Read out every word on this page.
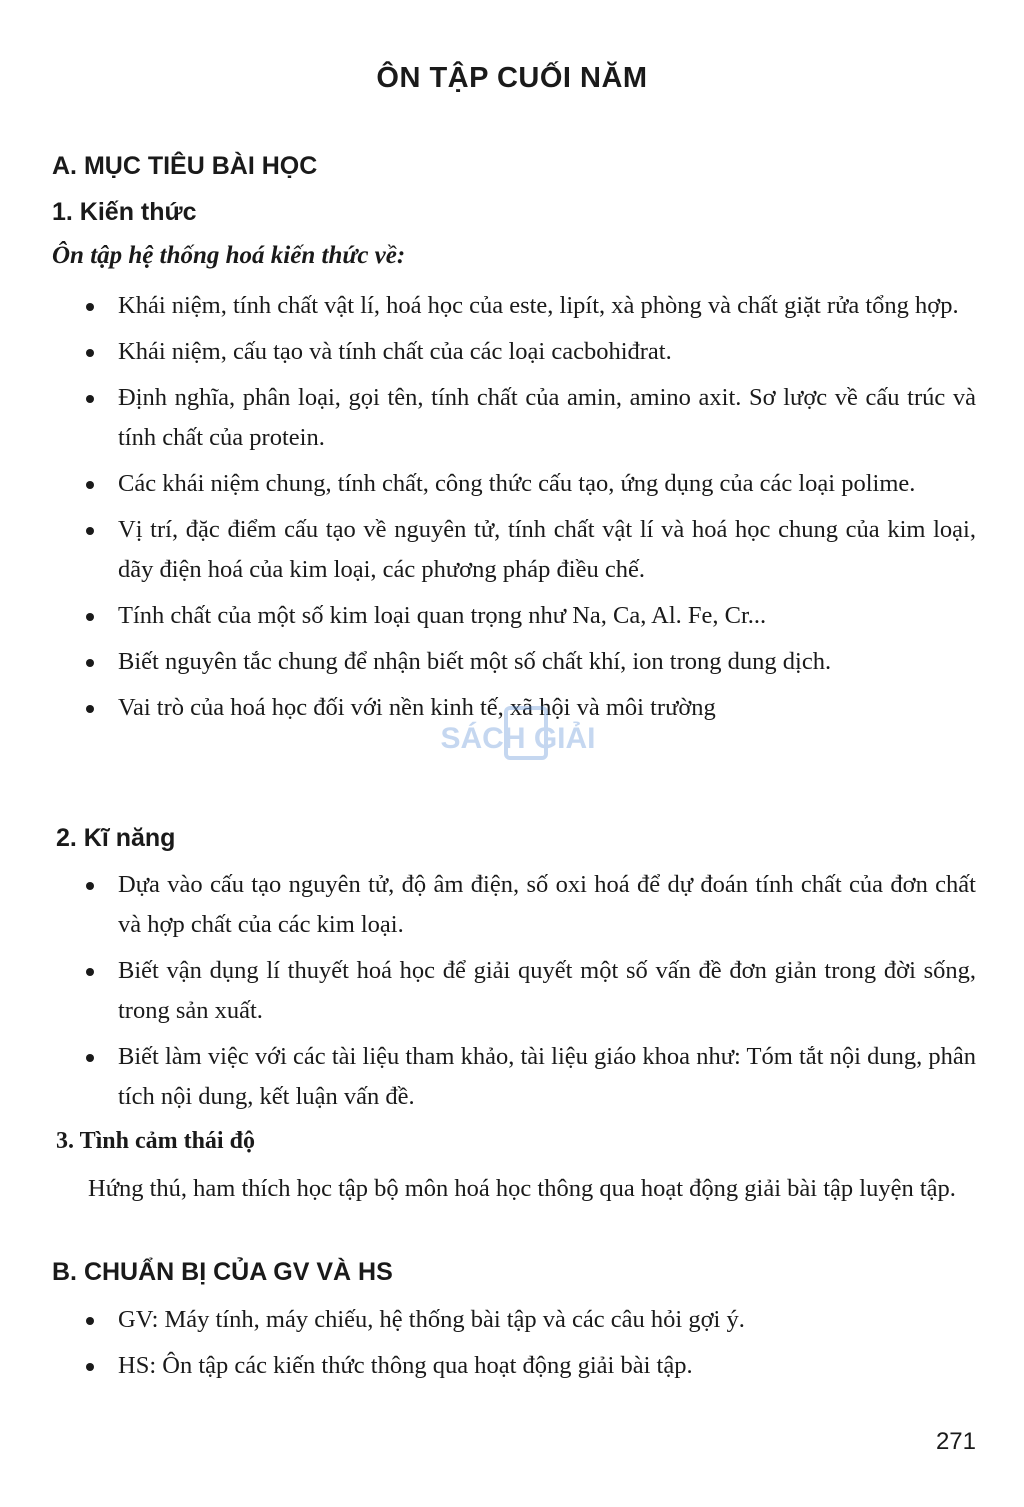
ÔN TẬP CUỐI NĂM
A. MỤC TIÊU BÀI HỌC
1. Kiến thức
Ôn tập hệ thống hoá kiến thức về:
Khái niệm, tính chất vật lí, hoá học của este, lipít, xà phòng và chất giặt rửa tổng hợp.
Khái niệm, cấu tạo và tính chất của các loại cacbohiđrat.
Định nghĩa, phân loại, gọi tên, tính chất của amin, amino axit. Sơ lược về cấu trúc và tính chất của protein.
Các khái niệm chung, tính chất, công thức cấu tạo, ứng dụng của các loại polime.
Vị trí, đặc điểm cấu tạo về nguyên tử, tính chất vật lí và hoá học chung của kim loại, dãy điện hoá của kim loại, các phương pháp điều chế.
Tính chất của một số kim loại quan trọng như Na, Ca, Al. Fe, Cr...
Biết nguyên tắc chung để nhận biết một số chất khí, ion trong dung dịch.
Vai trò của hoá học đối với nền kinh tế, xã hội và môi trường
2. Kĩ năng
Dựa vào cấu tạo nguyên tử, độ âm điện, số oxi hoá để dự đoán tính chất của đơn chất và hợp chất của các kim loại.
Biết vận dụng lí thuyết hoá học để giải quyết một số vấn đề đơn giản trong đời sống, trong sản xuất.
Biết làm việc với các tài liệu tham khảo, tài liệu giáo khoa như: Tóm tắt nội dung, phân tích nội dung, kết luận vấn đề.
3. Tình cảm thái độ
Hứng thú, ham thích học tập bộ môn hoá học thông qua hoạt động giải bài tập luyện tập.
B. CHUẨN BỊ CỦA GV VÀ HS
GV: Máy tính, máy chiếu, hệ thống bài tập và các câu hỏi gợi ý.
HS: Ôn tập các kiến thức thông qua hoạt động giải bài tập.
SÁCH GIẢI
271
